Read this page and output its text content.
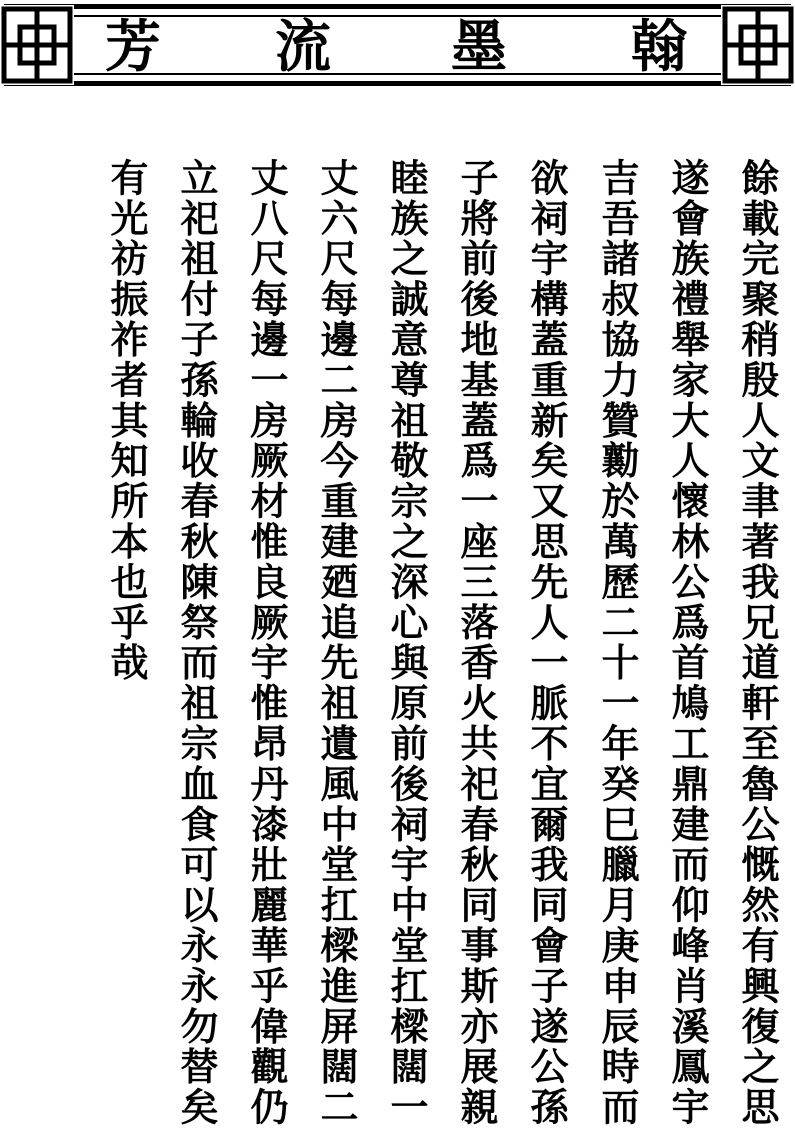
芳 流 墨 翰
餘載完聚稍殷人文聿著我兄道軒至魯公慨然有興復之思
遂會族禮舉家大人懷林公爲首鳩工鼎建而仰峰肖溪鳳宇
吉吾諸叔協力贊勷於萬歷二十一年癸巳臘月庚申辰時而
欲祠宇構蓋重新矣又思先人一脈不宜爾我同會子遂公孫
子將前後地基蓋爲一座三落香火共祀春秋同事斯亦展親
睦族之誠意尊祖敬宗之深心與原前後祠宇中堂扛樑闊一
丈六尺每邊二房今重建廼追先祖遺風中堂扛樑進屏闊二
丈八尺每邊一房厥材惟良厥宇惟昂丹漆壯麗華乎偉觀仍
立祀祖付子孫輪收春秋陳祭而祖宗血食可以永永勿替矣
有光祊振祚者其知所本也乎哉
